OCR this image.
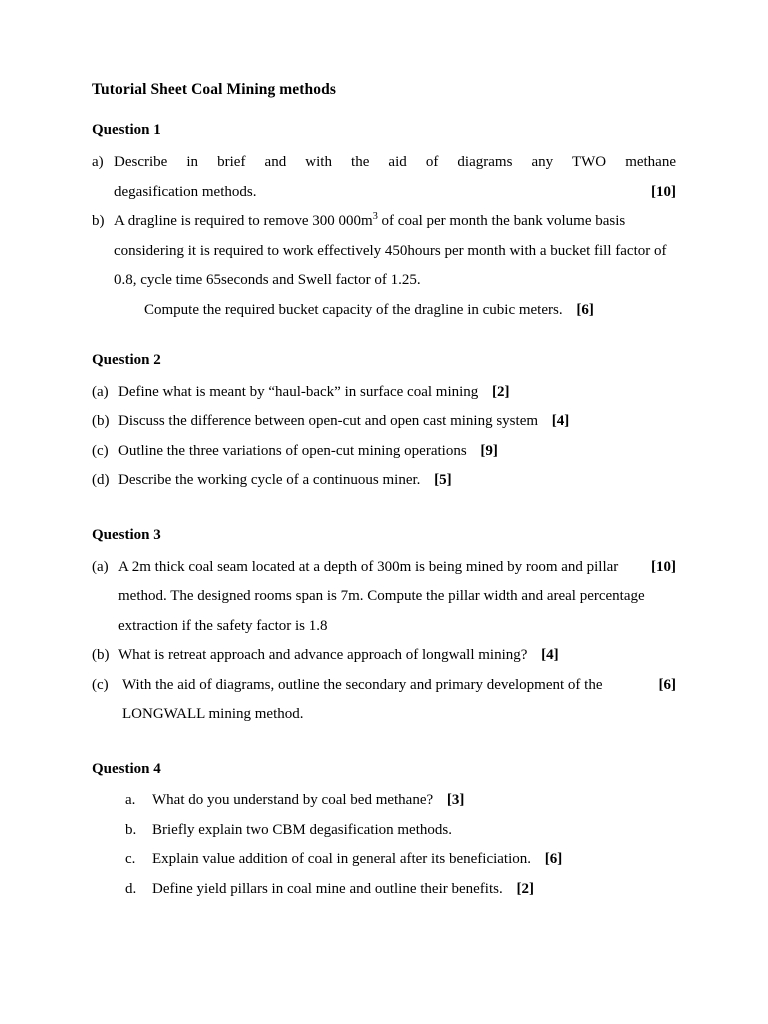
Tutorial Sheet Coal Mining methods
Question 1
a) Describe in brief and with the aid of diagrams any TWO methane
degasification methods.	[10]
b) A dragline is required to remove 300 $000m^3$ of coal per month the bank volume basis considering it is required to work effectively 450hours per month with a bucket fill factor of 0.8, cycle time 65seconds and Swell factor of 1.25.
Compute the required bucket capacity of the dragline in cubic meters. [6]
Question 2
(a) Define what is meant by “haul-back” in surface coal mining [2]
(b) Discuss the difference between open-cut and open cast mining system [4]
(c) Outline the three variations of open-cut mining operations [9]
(d) Describe the working cycle of a continuous miner. [5]
Question 3
(a)	[10]
A 2m thick coal seam located at a depth of 300m is being mined by room and pillar method. The designed rooms span is 7m. Compute the pillar width and areal percentage extraction if the safety factor is 1.8
(b) What is retreat approach and advance approach of longwall mining? [4]
(c)	[6]
With the aid of diagrams, outline the secondary and primary development of the LONGWALL mining method.
Question 4
a. What do you understand by coal bed methane? [3]
b. Briefly explain two CBM degasification methods.
c. Explain value addition of coal in general after its beneficiation. [6]
d. Define yield pillars in coal mine and outline their benefits. [2]
